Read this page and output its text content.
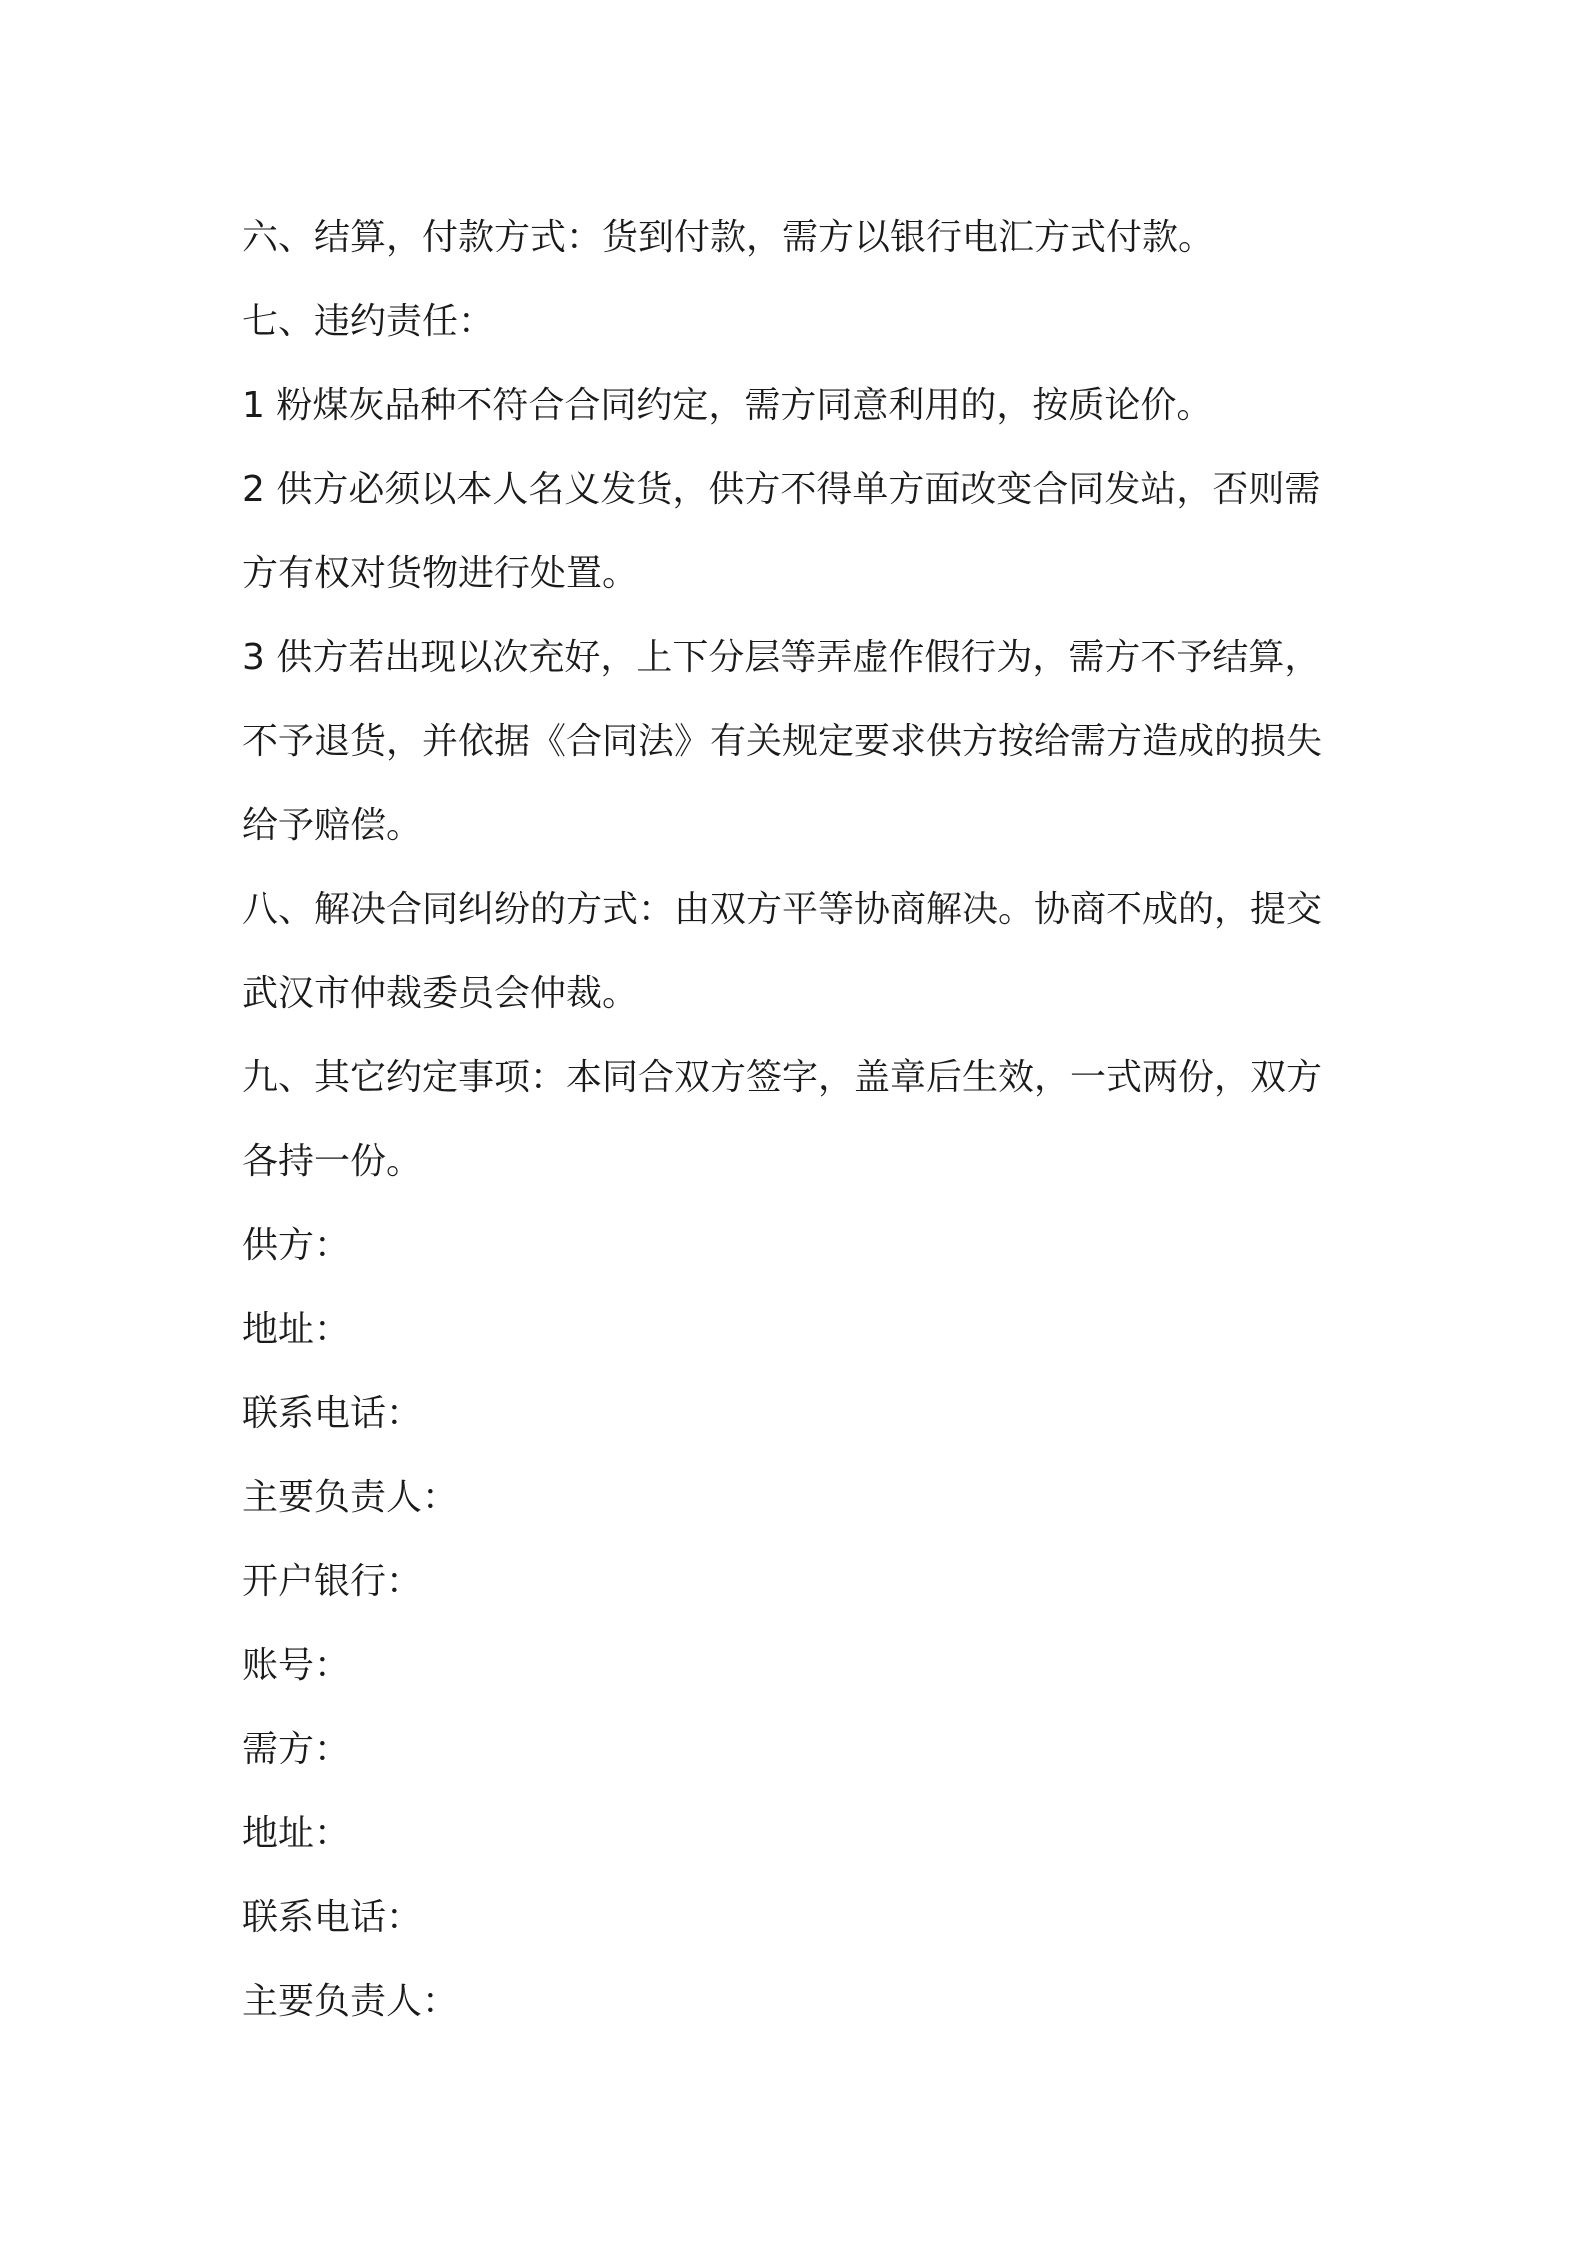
六、结算，付款方式：货到付款，需方以银行电汇方式付款。
七、违约责任：
1 粉煤灰品种不符合合同约定，需方同意利用的，按质论价。
2 供方必须以本人名义发货，供方不得单方面改变合同发站，否则需
方有权对货物进行处置。
3 供方若出现以次充好，上下分层等弄虚作假行为，需方不予结算，
不予退货，并依据《合同法》有关规定要求供方按给需方造成的损失
给予赔偿。
八、解决合同纠纷的方式：由双方平等协商解决。协商不成的，提交
武汉市仲裁委员会仲裁。
九、其它约定事项：本同合双方签字，盖章后生效，一式两份，双方
各持一份。
供方：
地址：
联系电话：
主要负责人：
开户银行：
账号：
需方：
地址：
联系电话：
主要负责人：
